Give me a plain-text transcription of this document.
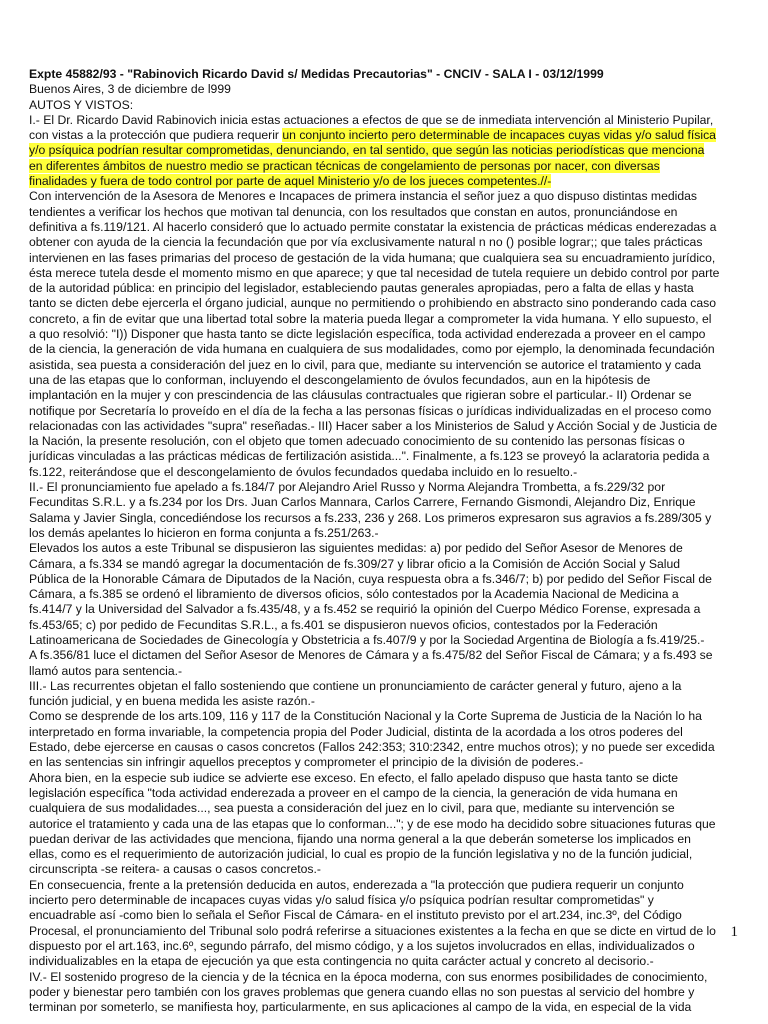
Expte 45882/93 - "Rabinovich Ricardo David s/ Medidas Precautorias" - CNCIV - SALA I - 03/12/1999
Buenos Aires, 3 de diciembre de l999
AUTOS Y VISTOS:
I.- El Dr. Ricardo David Rabinovich inicia estas actuaciones a efectos de que se de inmediata intervención al Ministerio Pupilar,
con vistas a la protección que pudiera requerir un conjunto incierto pero determinable de incapaces cuyas vidas y/o salud física
y/o psíquica podrían resultar comprometidas, denunciando, en tal sentido, que según las noticias periodísticas que menciona
en diferentes ámbitos de nuestro medio se practican técnicas de congelamiento de personas por nacer, con diversas
finalidades y fuera de todo control por parte de aquel Ministerio y/o de los jueces competentes.//-
Con intervención de la Asesora de Menores e Incapaces de primera instancia el señor juez a quo dispuso distintas medidas
tendientes a verificar los hechos que motivan tal denuncia, con los resultados que constan en autos, pronunciándose en
definitiva a fs.119/121. Al hacerlo consideró que lo actuado permite constatar la existencia de prácticas médicas enderezadas a
obtener con ayuda de la ciencia la fecundación que por vía exclusivamente natural n no () posible lograr;; que tales prácticas
intervienen en las fases primarias del proceso de gestación de la vida humana; que cualquiera sea su encuadramiento jurídico,
ésta merece tutela desde el momento mismo en que aparece; y que tal necesidad de tutela requiere un debido control por parte
de la autoridad pública: en principio del legislador, estableciendo pautas generales apropiadas, pero a falta de ellas y hasta
tanto se dicten debe ejercerla el órgano judicial, aunque no permitiendo o prohibiendo en abstracto sino ponderando cada caso
concreto, a fin de evitar que una libertad total sobre la materia pueda llegar a comprometer la vida humana. Y ello supuesto, el
a quo resolvió: "I)) Disponer que hasta tanto se dicte legislación específica, toda actividad enderezada a proveer en el campo
de la ciencia, la generación de vida humana en cualquiera de sus modalidades, como por ejemplo, la denominada fecundación
asistida, sea puesta a consideración del juez en lo civil, para que, mediante su intervención se autorice el tratamiento y cada
una de las etapas que lo conforman, incluyendo el descongelamiento de óvulos fecundados, aun en la hipótesis de
implantación en la mujer y con prescindencia de las cláusulas contractuales que rigieran sobre el particular.- II) Ordenar se
notifique por Secretaría lo proveído en el día de la fecha a las personas físicas o jurídicas individualizadas en el proceso como
relacionadas con las actividades "supra" reseñadas.- III) Hacer saber a los Ministerios de Salud y Acción Social y de Justicia de
la Nación, la presente resolución, con el objeto que tomen adecuado conocimiento de su contenido las personas físicas o
jurídicas vinculadas a las prácticas médicas de fertilización asistida...". Finalmente, a fs.123 se proveyó la aclaratoria pedida a
fs.122, reiterándose que el descongelamiento de óvulos fecundados quedaba incluido en lo resuelto.-
II.- El pronunciamiento fue apelado a fs.184/7 por Alejandro Ariel Russo y Norma Alejandra Trombetta, a fs.229/32 por
Fecunditas S.R.L. y a fs.234 por los Drs. Juan Carlos Mannara, Carlos Carrere, Fernando Gismondi, Alejandro Diz, Enrique
Salama y Javier Singla, concediéndose los recursos a fs.233, 236 y 268. Los primeros expresaron sus agravios a fs.289/305 y
los demás apelantes lo hicieron en forma conjunta a fs.251/263.-
Elevados los autos a este Tribunal se dispusieron las siguientes medidas: a) por pedido del Señor Asesor de Menores de
Cámara, a fs.334 se mandó agregar la documentación de fs.309/27 y librar oficio a la Comisión de Acción Social y Salud
Pública de la Honorable Cámara de Diputados de la Nación, cuya respuesta obra a fs.346/7; b) por pedido del Señor Fiscal de
Cámara, a fs.385 se ordenó el libramiento de diversos oficios, sólo contestados por la Academia Nacional de Medicina a
fs.414/7 y la Universidad del Salvador a fs.435/48, y a fs.452 se requirió la opinión del Cuerpo Médico Forense, expresada a
fs.453/65; c) por pedido de Fecunditas S.R.L., a fs.401 se dispusieron nuevos oficios, contestados por la Federación
Latinoamericana de Sociedades de Ginecología y Obstetricia a fs.407/9 y por la Sociedad Argentina de Biología a fs.419/25.-
A fs.356/81 luce el dictamen del Señor Asesor de Menores de Cámara y a fs.475/82 del Señor Fiscal de Cámara; y a fs.493 se
llamó autos para sentencia.-
III.- Las recurrentes objetan el fallo sosteniendo que contiene un pronunciamiento de carácter general y futuro, ajeno a la
función judicial, y en buena medida les asiste razón.-
Como se desprende de los arts.109, 116 y 117 de la Constitución Nacional y la Corte Suprema de Justicia de la Nación lo ha
interpretado en forma invariable, la competencia propia del Poder Judicial, distinta de la acordada a los otros poderes del
Estado, debe ejercerse en causas o casos concretos (Fallos 242:353; 310:2342, entre muchos otros); y no puede ser excedida
en las sentencias sin infringir aquellos preceptos y comprometer el principio de la división de poderes.-
Ahora bien, en la especie sub iudice se advierte ese exceso. En efecto, el fallo apelado dispuso que hasta tanto se dicte
legislación específica "toda actividad enderezada a proveer en el campo de la ciencia, la generación de vida humana en
cualquiera de sus modalidades..., sea puesta a consideración del juez en lo civil, para que, mediante su intervención se
autorice el tratamiento y cada una de las etapas que lo conforman..."; y de ese modo ha decidido sobre situaciones futuras que
puedan derivar de las actividades que menciona, fijando una norma general a la que deberán someterse los implicados en
ellas, como es el requerimiento de autorización judicial, lo cual es propio de la función legislativa y no de la función judicial,
circunscripta -se reitera- a causas o casos concretos.-
En consecuencia, frente a la pretensión deducida en autos, enderezada a "la protección que pudiera requerir un conjunto
incierto pero determinable de incapaces cuyas vidas y/o salud física y/o psíquica podrían resultar comprometidas" y
encuadrable así -como bien lo señala el Señor Fiscal de Cámara- en el instituto previsto por el art.234, inc.3º, del Código
Procesal, el pronunciamiento del Tribunal solo podrá referirse a situaciones existentes a la fecha en que se dicte en virtud de lo
dispuesto por el art.163, inc.6º, segundo párrafo, del mismo código, y a los sujetos involucrados en ellas, individualizados o
individualizables en la etapa de ejecución ya que esta contingencia no quita carácter actual y concreto al decisorio.-
IV.- El sostenido progreso de la ciencia y de la técnica en la época moderna, con sus enormes posibilidades de conocimiento,
poder y bienestar pero también con los graves problemas que genera cuando ellas no son puestas al servicio del hombre y
terminan por someterlo, se manifiesta hoy, particularmente, en sus aplicaciones al campo de la vida, en especial de la vida
1
